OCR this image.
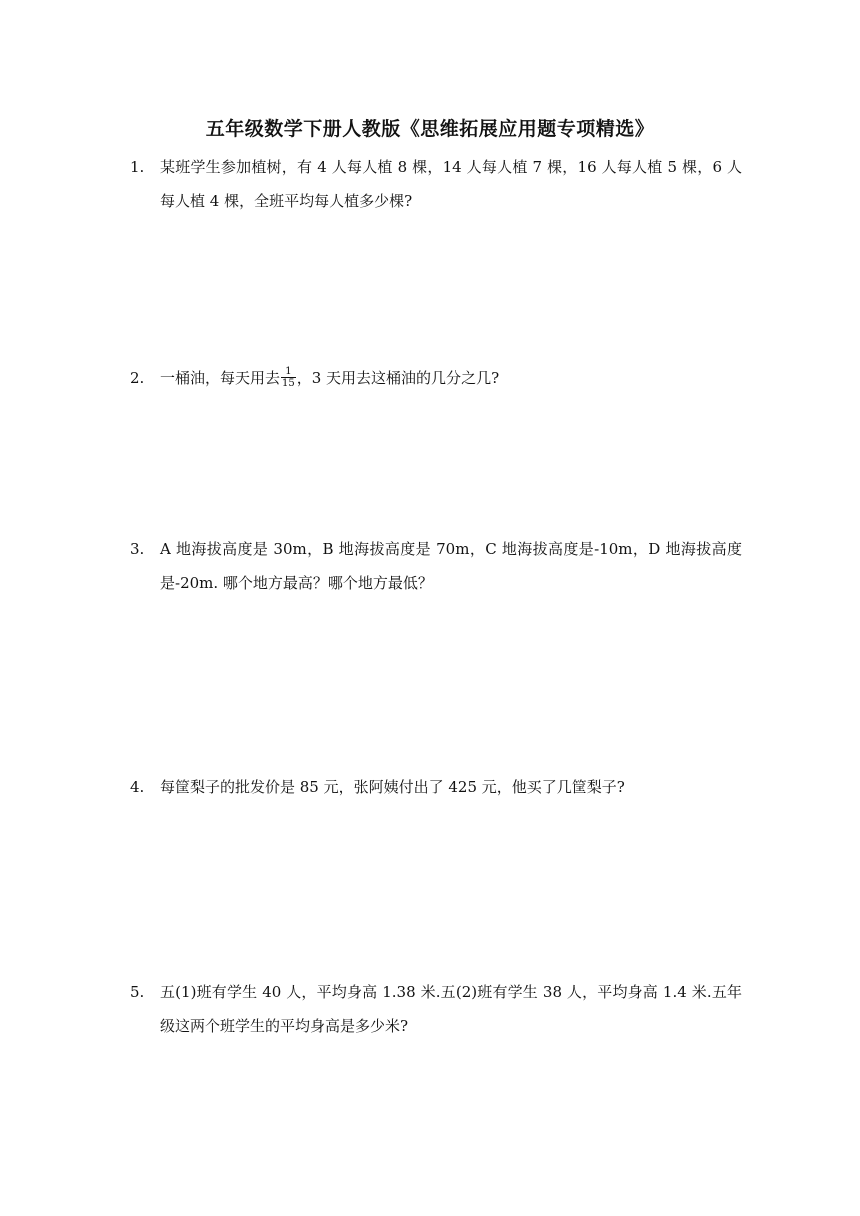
五年级数学下册人教版《思维拓展应用题专项精选》
1.	某班学生参加植树，有 4 人每人植 8 棵，14 人每人植 7 棵，16 人每人植 5 棵，6 人每人植 4 棵，全班平均每人植多少棵?
2.	一桶油，每天用去 $\frac{1}{15}$ ，3 天用去这桶油的几分之几?
3.	A 地海拔高度是 30m，B 地海拔高度是 70m，C 地海拔高度是-10m，D 地海拔高度是-20m. 哪个地方最高？哪个地方最低？
4.	每筐梨子的批发价是 85 元，张阿姨付出了 425 元，他买了几筐梨子?
5.	五(1)班有学生 40 人，平均身高 1.38 米.五(2)班有学生 38 人，平均身高 1.4 米.五年级这两个班学生的平均身高是多少米?
